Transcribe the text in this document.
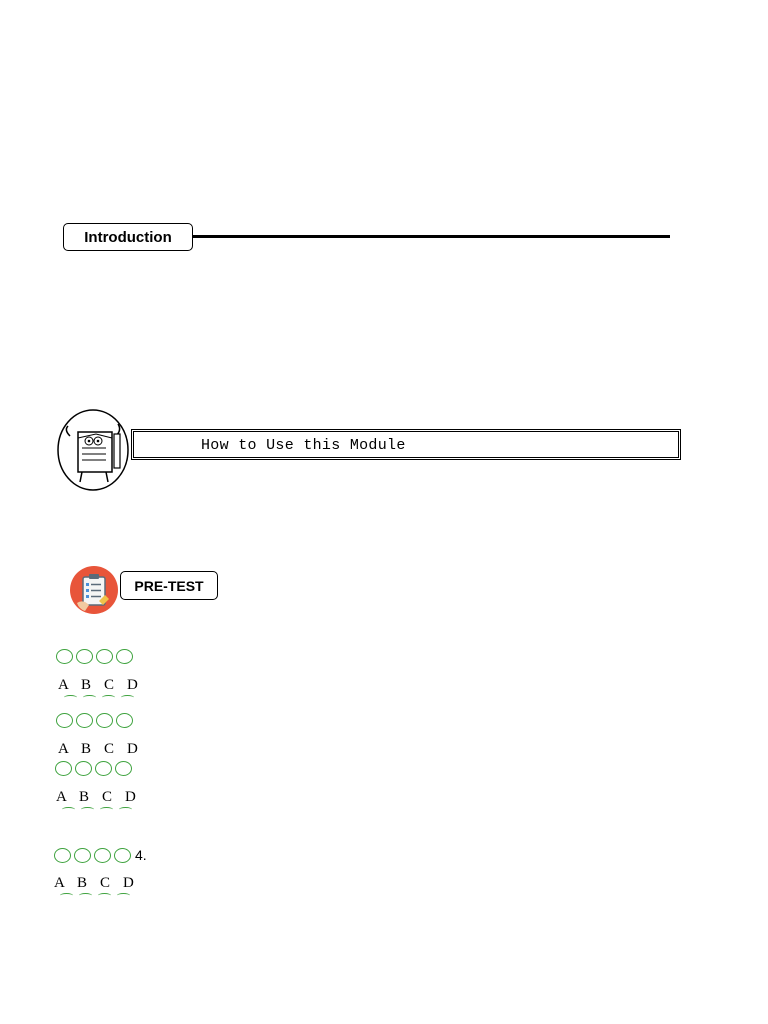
Introduction
How to Use this Module
PRE-TEST
A B C D
A B C D
A B C D
4.
A B C D
